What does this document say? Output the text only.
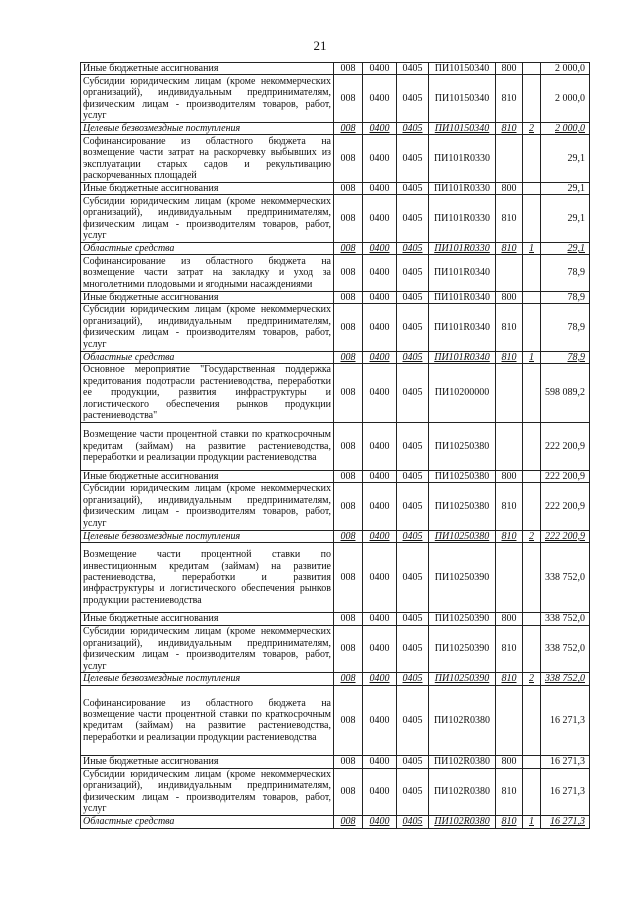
21
Иные бюджетные ассигнования	008	0400	0405	ПИ10150340	800		2 000,0
Субсидии юридическим лицам (кроме некоммерческих организаций), индивидуальным предпринимателям, физическим лицам - производителям товаров, работ, услуг	008	0400	0405	ПИ10150340	810		2 000,0
Целевые безвозмездные поступления	008	0400	0405	ПИ10150340	810	2	2 000,0
Софинансирование из областного бюджета на возмещение части затрат на раскорчевку выбывших из эксплуатации старых садов и рекультивацию раскорчеванных площадей	008	0400	0405	ПИ101R0330			29,1
Иные бюджетные ассигнования	008	0400	0405	ПИ101R0330	800		29,1
Субсидии юридическим лицам (кроме некоммерческих организаций), индивидуальным предпринимателям, физическим лицам - производителям товаров, работ, услуг	008	0400	0405	ПИ101R0330	810		29,1
Областные средства	008	0400	0405	ПИ101R0330	810	1	29,1
Софинансирование из областного бюджета на возмещение части затрат на закладку и уход за многолетними плодовыми и ягодными насаждениями	008	0400	0405	ПИ101R0340			78,9
Иные бюджетные ассигнования	008	0400	0405	ПИ101R0340	800		78,9
Субсидии юридическим лицам (кроме некоммерческих организаций), индивидуальным предпринимателям, физическим лицам - производителям товаров, работ, услуг	008	0400	0405	ПИ101R0340	810		78,9
Областные средства	008	0400	0405	ПИ101R0340	810	1	78,9
Основное мероприятие "Государственная поддержка кредитования подотрасли растениеводства, переработки ее продукции, развития инфраструктуры и логистического обеспечения рынков продукции растениеводства"	008	0400	0405	ПИ10200000			598 089,2
Возмещение части процентной ставки по краткосрочным кредитам (займам) на развитие растениеводства, переработки и реализации продукции растениеводства	008	0400	0405	ПИ10250380			222 200,9
Иные бюджетные ассигнования	008	0400	0405	ПИ10250380	800		222 200,9
Субсидии юридическим лицам (кроме некоммерческих организаций), индивидуальным предпринимателям, физическим лицам - производителям товаров, работ, услуг	008	0400	0405	ПИ10250380	810		222 200,9
Целевые безвозмездные поступления	008	0400	0405	ПИ10250380	810	2	222 200,9
Возмещение части процентной ставки по инвестиционным кредитам (займам) на развитие растениеводства, переработки и развития инфраструктуры и логистического обеспечения рынков продукции растениеводства	008	0400	0405	ПИ10250390			338 752,0
Иные бюджетные ассигнования	008	0400	0405	ПИ10250390	800		338 752,0
Субсидии юридическим лицам (кроме некоммерческих организаций), индивидуальным предпринимателям, физическим лицам - производителям товаров, работ, услуг	008	0400	0405	ПИ10250390	810		338 752,0
Целевые безвозмездные поступления	008	0400	0405	ПИ10250390	810	2	338 752,0
Софинансирование из областного бюджета на возмещение части процентной ставки по краткосрочным кредитам (займам) на развитие растениеводства, переработки и реализации продукции растениеводства	008	0400	0405	ПИ102R0380			16 271,3
Иные бюджетные ассигнования	008	0400	0405	ПИ102R0380	800		16 271,3
Субсидии юридическим лицам (кроме некоммерческих организаций), индивидуальным предпринимателям, физическим лицам - производителям товаров, работ, услуг	008	0400	0405	ПИ102R0380	810		16 271,3
Областные средства	008	0400	0405	ПИ102R0380	810	1	16 271,3
